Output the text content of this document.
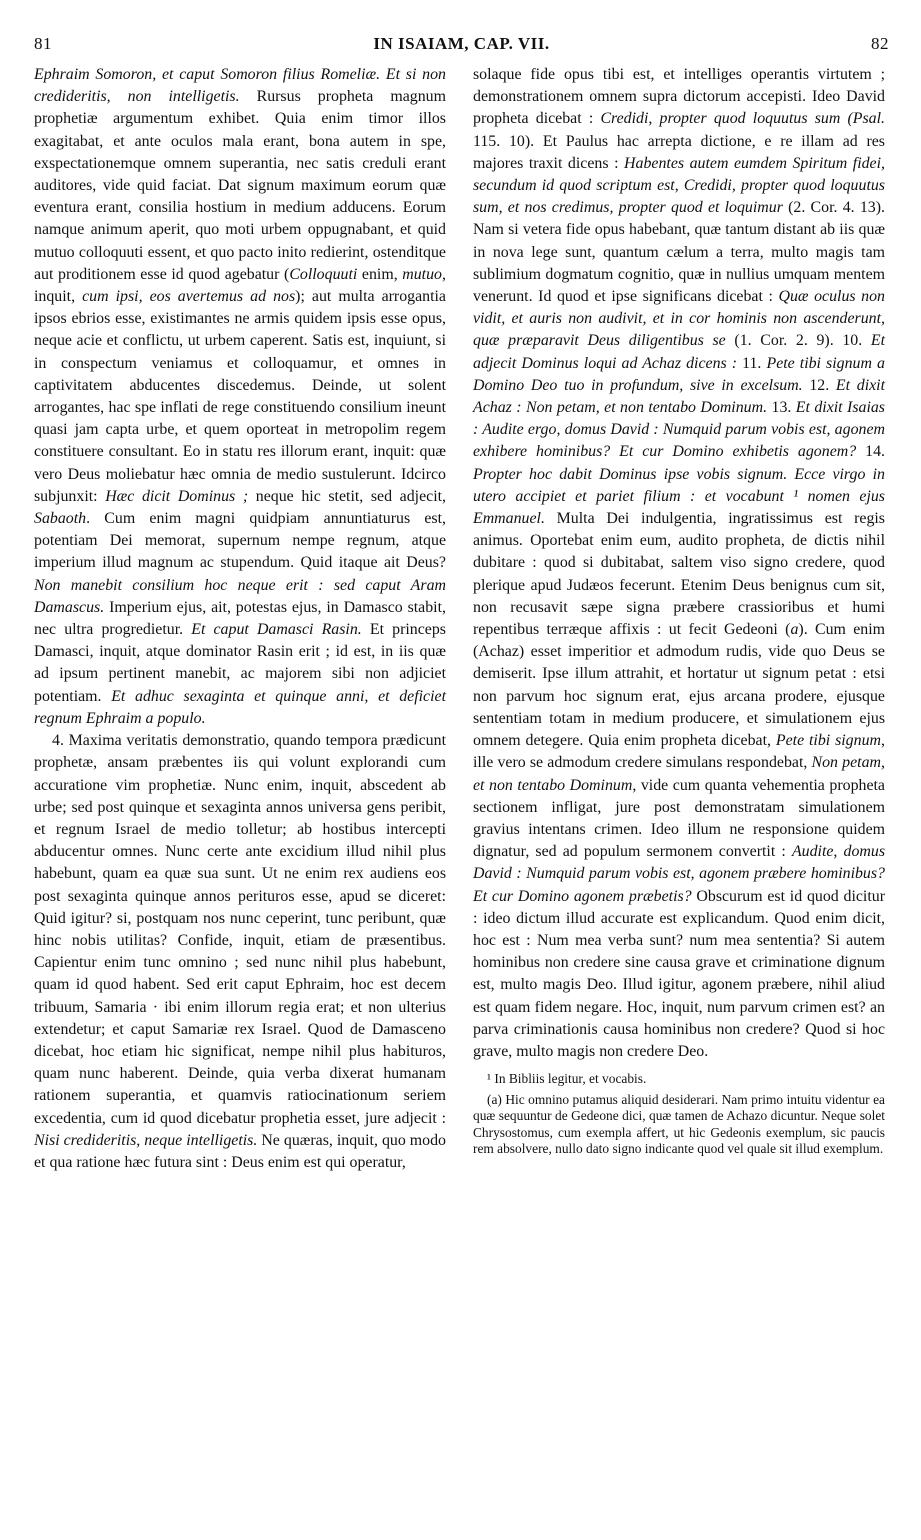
81	IN ISAIAM, CAP. VII.	82

Ephraim Somoron, et caput Somoron filius Romeliæ. Et si non credideritis, non intelligetis. Rursus propheta magnum prophetiæ argumentum exhibet. Quia enim timor illos exagitabat, et ante oculos mala erant, bona autem in spe, exspectationemque omnem superantia, nec satis creduli erant auditores, vide quid faciat. Dat signum maximum eorum quæ eventura erant, consilia hostium in medium adducens. Eorum namque animum aperit, quo moti urbem oppugnabant, et quid mutuo colloquuti essent, et quo pacto inito redierint, ostenditque aut proditionem esse id quod agebatur (Colloquuti enim, mutuo, inquit, cum ipsi, eos avertemus ad nos); aut multa arrogantia ipsos ebrios esse, existimantes ne armis quidem ipsis esse opus, neque acie et conflictu, ut urbem caperent. Satis est, inquiunt, si in conspectum veniamus et colloquamur, et omnes in captivitatem abducentes discedemus. Deinde, ut solent arrogantes, hac spe inflati de rege constituendo consilium ineunt quasi jam capta urbe, et quem oporteat in metropolim regem constituere consultant. Eo in statu res illorum erant, inquit: quæ vero Deus moliebatur hæc omnia de medio sustulerunt. Idcirco subjunxit: Hæc dicit Dominus ; neque hic stetit, sed adjecit, Sabaoth. Cum enim magni quidpiam annuntiaturus est, potentiam Dei memorat, supernum nempe regnum, atque imperium illud magnum ac stupendum. Quid itaque ait Deus? Non manebit consilium hoc neque erit : sed caput Aram Damascus. Imperium ejus, ait, potestas ejus, in Damasco stabit, nec ultra progredietur. Et caput Damasci Rasin. Et princeps Damasci, inquit, atque dominator Rasin erit ; id est, in iis quæ ad ipsum pertinent manebit, ac majorem sibi non adjiciet potentiam. Et adhuc sexaginta et quinque anni, et deficiet regnum Ephraim a populo.

4. Maxima veritatis demonstratio, quando tempora prædicunt prophetæ, ansam præbentes iis qui volunt explorandi cum accuratione vim prophetiæ. Nunc enim, inquit, abscedent ab urbe; sed post quinque et sexaginta annos universa gens peribit, et regnum Israel de medio tolletur; ab hostibus intercepti abducentur omnes. Nunc certe ante excidium illud nihil plus habebunt, quam ea quæ sua sunt. Ut ne enim rex audiens eos post sexaginta quinque annos perituros esse, apud se diceret: Quid igitur? si, postquam nos nunc ceperint, tunc peribunt, quæ hinc nobis utilitas? Confide, inquit, etiam de præsentibus. Capientur enim tunc omnino ; sed nunc nihil plus habebunt, quam id quod habent. Sed erit caput Ephraim, hoc est decem tribuum, Samaria · ibi enim illorum regia erat; et non ulterius extendetur; et caput Samariæ rex Israel. Quod de Damasceno dicebat, hoc etiam hic significat, nempe nihil plus habituros, quam nunc haberent. Deinde, quia verba dixerat humanam rationem superantia, et quamvis ratiocinationum seriem excedentia, cum id quod dicebatur prophetia esset, jure adjecit : Nisi credideritis, neque intelligetis. Ne quæras, inquit, quo modo et qua ratione hæc futura sint : Deus enim est qui operatur,

solaque fide opus tibi est, et intelliges operantis virtutem ; demonstrationem omnem supra dictorum accepisti. Ideo David propheta dicebat : Credidi, propter quod loquutus sum (Psal. 115. 10). Et Paulus hac arrepta dictione, e re illam ad res majores traxit dicens : Habentes autem eumdem Spiritum fidei, secundum id quod scriptum est, Credidi, propter quod loquutus sum, et nos credimus, propter quod et loquimur (2. Cor. 4. 13). Nam si vetera fide opus habebant, quæ tantum distant ab iis quæ in nova lege sunt, quantum cælum a terra, multo magis tam sublimium dogmatum cognitio, quæ in nullius umquam mentem venerunt. Id quod et ipse significans dicebat : Quæ oculus non vidit, et auris non audivit, et in cor hominis non ascenderunt, quæ præparavit Deus diligentibus se (1. Cor. 2. 9). 10. Et adjecit Dominus loqui ad Achaz dicens : 11. Pete tibi signum a Domino Deo tuo in profundum, sive in excelsum. 12. Et dixit Achaz : Non petam, et non tentabo Dominum. 13. Et dixit Isaias : Audite ergo, domus David : Numquid parum vobis est, agonem exhibere hominibus? Et cur Domino exhibetis agonem? 14. Propter hoc dabit Dominus ipse vobis signum. Ecce virgo in utero accipiet et pariet filium : et vocabunt ¹ nomen ejus Emmanuel. Multa Dei indulgentia, ingratissimus est regis animus. Oportebat enim eum, audito propheta, de dictis nihil dubitare : quod si dubitabat, saltem viso signo credere, quod plerique apud Judæos fecerunt. Etenim Deus benignus cum sit, non recusavit sæpe signa præbere crassioribus et humi repentibus terræque affixis : ut fecit Gedeoni (a). Cum enim (Achaz) esset imperitior et admodum rudis, vide quo Deus se demiserit. Ipse illum attrahit, et hortatur ut signum petat : etsi non parvum hoc signum erat, ejus arcana prodere, ejusque sententiam totam in medium producere, et simulationem ejus omnem detegere. Quia enim propheta dicebat, Pete tibi signum, ille vero se admodum credere simulans respondebat, Non petam, et non tentabo Dominum, vide cum quanta vehementia propheta sectionem infligat, jure post demonstratam simulationem gravius intentans crimen. Ideo illum ne responsione quidem dignatur, sed ad populum sermonem convertit : Audite, domus David : Numquid parum vobis est, agonem præbere hominibus? Et cur Domino agonem præbetis? Obscurum est id quod dicitur : ideo dictum illud accurate est explicandum. Quod enim dicit, hoc est : Num mea verba sunt? num mea sententia? Si autem hominibus non credere sine causa grave et criminatione dignum est, multo magis Deo. Illud igitur, agonem præbere, nihil aliud est quam fidem negare. Hoc, inquit, num parvum crimen est? an parva criminationis causa hominibus non credere? Quod si hoc grave, multo magis non credere Deo.

¹ In Bibliis legitur, et vocabis.

(a) Hic omnino putamus aliquid desiderari. Nam primo intuitu videntur ea quæ sequuntur de Gedeone dici, quæ tamen de Achazo dicuntur. Neque solet Chrysostomus, cum exempla affert, ut hic Gedeonis exemplum, sic paucis rem absolvere, nullo dato signo indicante quod vel quale sit illud exemplum.
